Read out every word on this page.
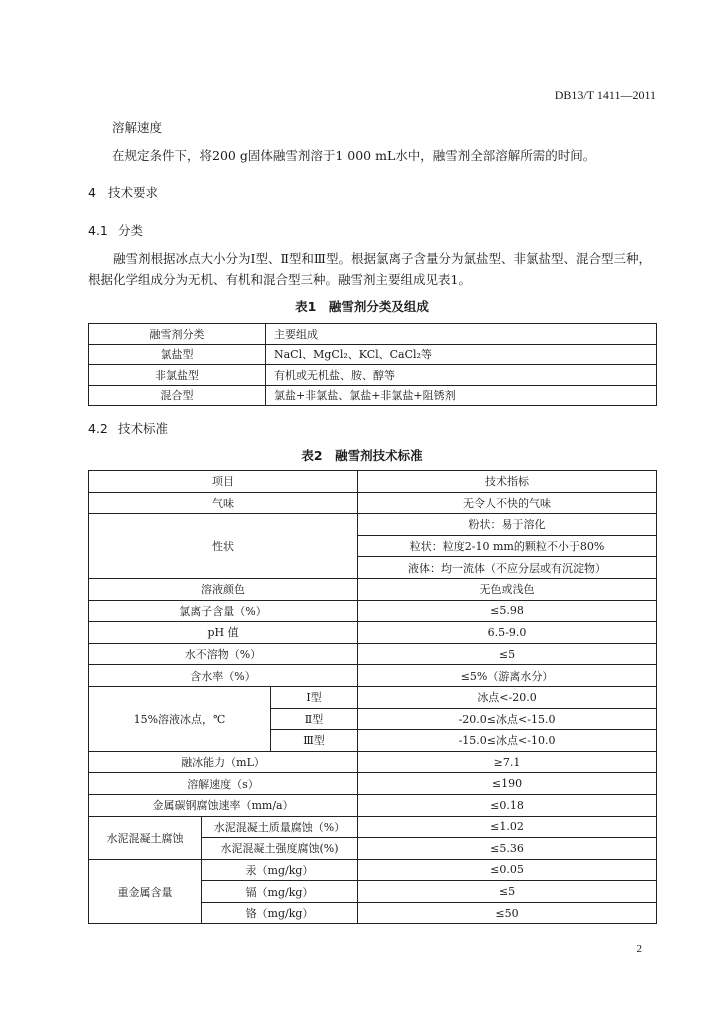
DB13/T 1411—2011
溶解速度
在规定条件下，将200 g固体融雪剂溶于1 000 mL水中，融雪剂全部溶解所需的时间。
4 技术要求
4.1 分类
融雪剂根据冰点大小分为Ⅰ型、Ⅱ型和Ⅲ型。根据氯离子含量分为氯盐型、非氯盐型、混合型三种，根据化学组成分为无机、有机和混合型三种。融雪剂主要组成见表1。
表1　融雪剂分类及组成
融雪剂分类	主要组成
氯盐型	NaCl、MgCl₂、KCl、CaCl₂等
非氯盐型	有机或无机盐、胺、醇等
混合型	氯盐+非氯盐、氯盐+非氯盐+阻锈剂
4.2 技术标准
表2　融雪剂技术标准
项目			技术指标
气味			无令人不快的气味
性状			粉状：易于溶化
			粒状：粒度2-10 mm的颗粒不小于80%
			液体：均一流体（不应分层或有沉淀物）
溶液颜色			无色或浅色
氯离子含量（%）			≤5.98
pH 值			6.5-9.0
水不溶物（%）			≤5
含水率（%）			≤5%（游离水分）
15%溶液冰点，℃		Ⅰ型	冰点<-20.0
		Ⅱ型	-20.0≤冰点<-15.0
		Ⅲ型	-15.0≤冰点<-10.0
融冰能力（mL）			≥7.1
溶解速度（s）			≤190
金属碳钢腐蚀速率（mm/a）			≤0.18
水泥混凝土腐蚀	水泥混凝土质量腐蚀（%）		≤1.02
	水泥混凝土强度腐蚀(%)		≤5.36
重金属含量	汞（mg/kg）		≤0.05
	镉（mg/kg）		≤5
	铬（mg/kg）		≤50
2
